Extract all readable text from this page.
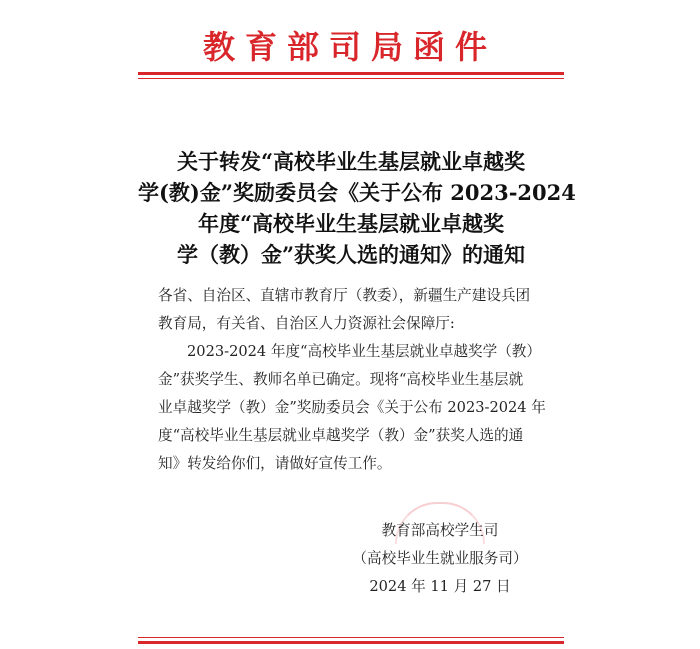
教育部司局函件
关于转发“高校毕业生基层就业卓越奖
学(教)金”奖励委员会《关于公布 2023-2024
年度“高校毕业生基层就业卓越奖
学（教）金”获奖人选的通知》的通知

各省、自治区、直辖市教育厅（教委），新疆生产建设兵团

教育局，有关省、自治区人力资源社会保障厅:

2023-2024 年度“高校毕业生基层就业卓越奖学（教）

金”获奖学生、教师名单已确定。现将“高校毕业生基层就

业卓越奖学（教）金”奖励委员会《关于公布 2023-2024 年

度“高校毕业生基层就业卓越奖学（教）金”获奖人选的通

知》转发给你们，请做好宣传工作。

教育部高校学生司
（高校毕业生就业服务司）
2024 年 11 月 27 日
